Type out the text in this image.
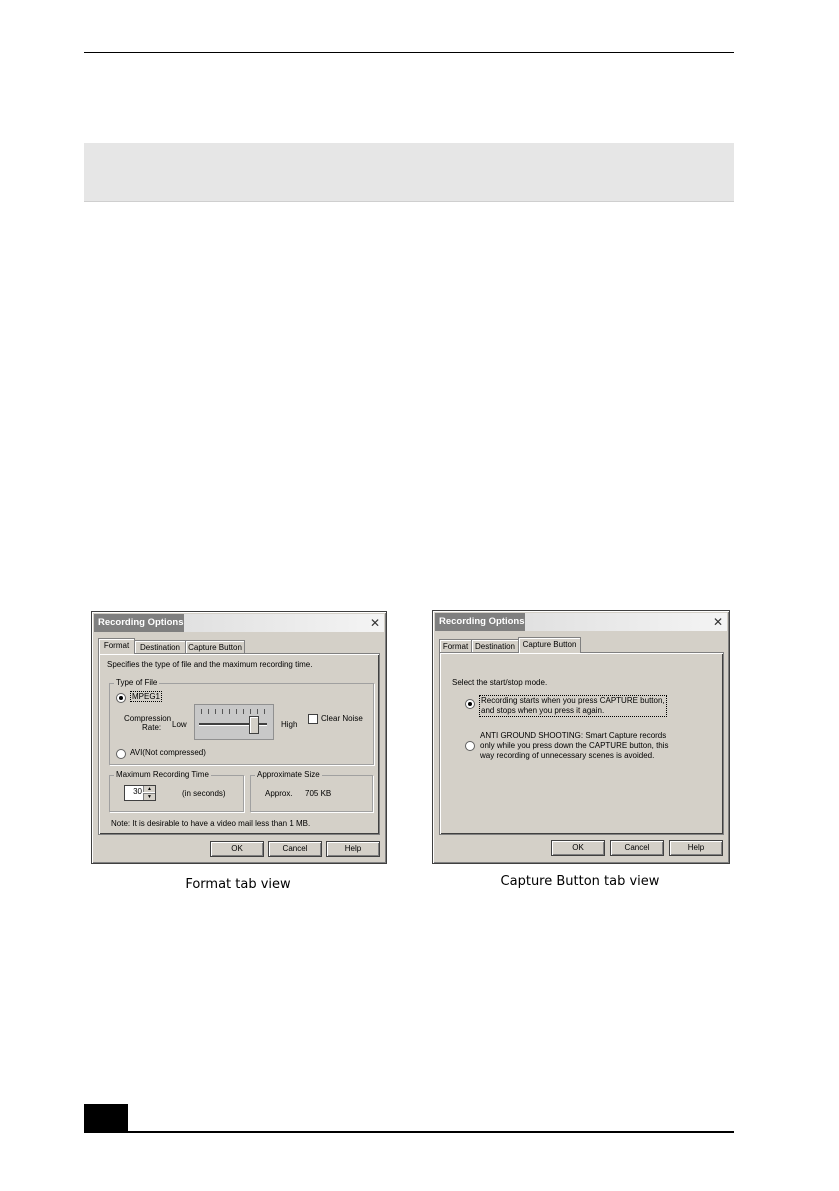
Recording Options	✕
Format	Destination	Capture Button
Specifies the type of file and the maximum recording time.
Type of File
MPEG1
Compression
Rate: Low	High
Clear Noise
AVI(Not compressed)
Maximum Recording Time
30	▲
▼	(in seconds)
Approximate Size
Approx. 705 KB
Note: It is desirable to have a video mail less than 1 MB.
OK	Cancel	Help
Format tab view
Recording Options	✕
Format Destination Capture Button
Select the start/stop mode.
Recording starts when you press CAPTURE button,
and stops when you press it again.
ANTI GROUND SHOOTING: Smart Capture records
only while you press down the CAPTURE button, this
way recording of unnecessary scenes is avoided.
OK	Cancel	Help
Capture Button tab view
